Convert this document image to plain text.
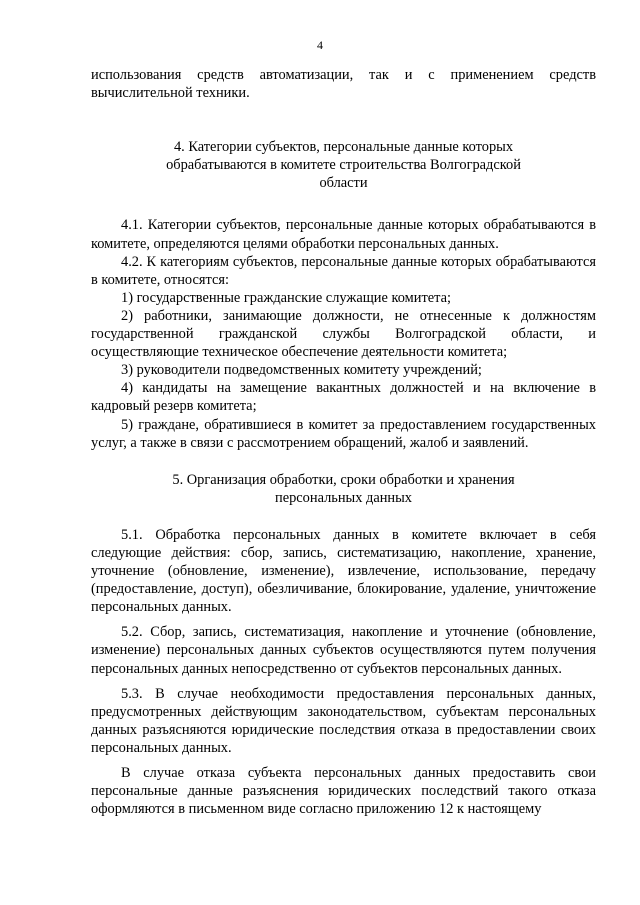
4

использования средств автоматизации, так и с применением средств вычислительной техники.

4. Категории субъектов, персональные данные которых
обрабатываются в комитете строительства Волгоградской
области

4.1. Категории субъектов, персональные данные которых обрабатываются в комитете, определяются целями обработки персональных данных.

4.2. К категориям субъектов, персональные данные которых обрабатываются в комитете, относятся:

1) государственные гражданские служащие комитета;

2) работники, занимающие должности, не отнесенные к должностям государственной гражданской службы Волгоградской области, и осуществляющие техническое обеспечение деятельности комитета;

3) руководители подведомственных комитету учреждений;

4) кандидаты на замещение вакантных должностей и на включение в кадровый резерв комитета;

5) граждане, обратившиеся в комитет за предоставлением государственных услуг, а также в связи с рассмотрением обращений, жалоб и заявлений.

5. Организация обработки, сроки обработки и хранения
персональных данных

5.1. Обработка персональных данных в комитете включает в себя следующие действия: сбор, запись, систематизацию, накопление, хранение, уточнение (обновление, изменение), извлечение, использование, передачу (предоставление, доступ), обезличивание, блокирование, удаление, уничтожение персональных данных.

5.2. Сбор, запись, систематизация, накопление и уточнение (обновление, изменение) персональных данных субъектов осуществляются путем получения персональных данных непосредственно от субъектов персональных данных.

5.3. В случае необходимости предоставления персональных данных, предусмотренных действующим законодательством, субъектам персональных данных разъясняются юридические последствия отказа в предоставлении своих персональных данных.

В случае отказа субъекта персональных данных предоставить свои персональные данные разъяснения юридических последствий такого отказа оформляются в письменном виде согласно приложению 12 к настоящему
